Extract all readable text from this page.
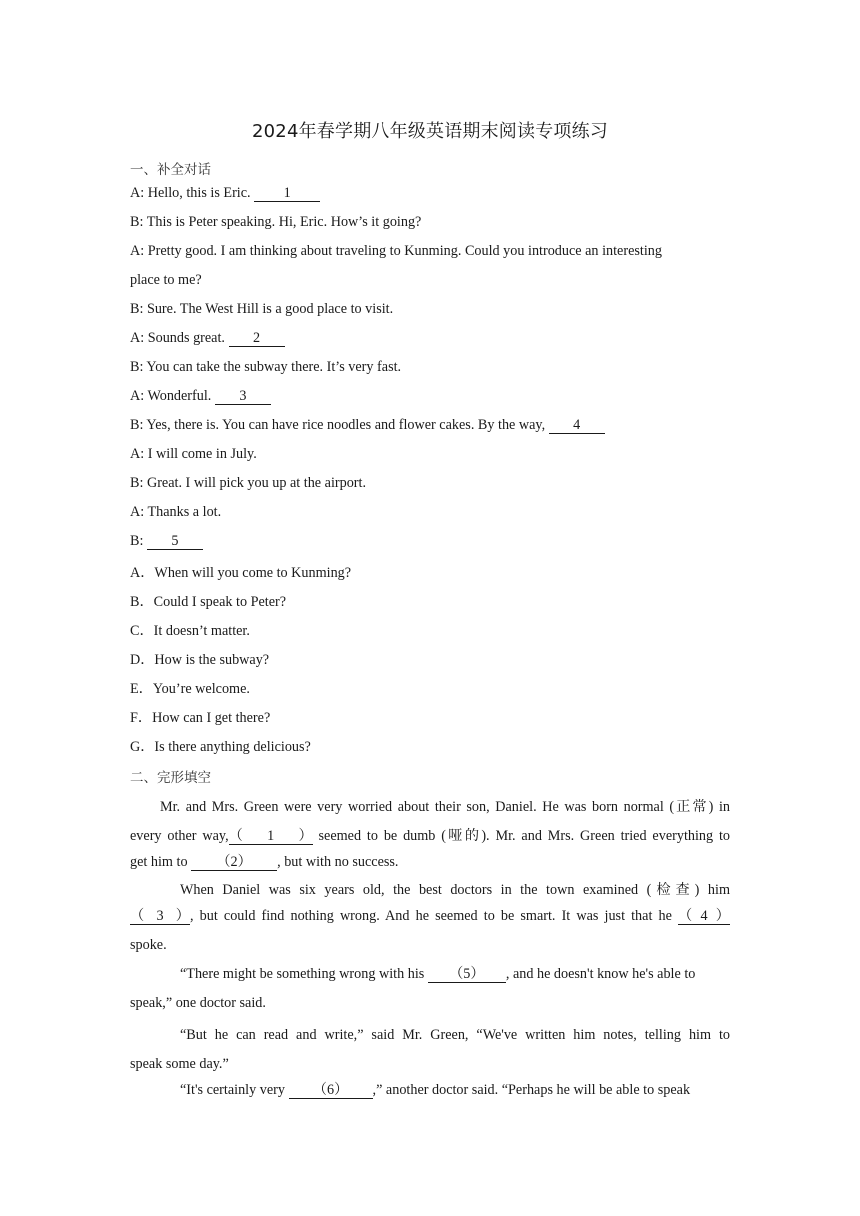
2024年春学期八年级英语期末阅读专项练习
一、补全对话
A: Hello, this is Eric. 1
B: This is Peter speaking. Hi, Eric. How’s it going?
A: Pretty good. I am thinking about traveling to Kunming. Could you introduce an interesting
place to me?
B: Sure. The West Hill is a good place to visit.
A: Sounds great. 2
B: You can take the subway there. It’s very fast.
A: Wonderful. 3
B: Yes, there is. You can have rice noodles and flower cakes. By the way, 4
A: I will come in July.
B: Great. I will pick you up at the airport.
A: Thanks a lot.
B: 5
A．When will you come to Kunming?
B．Could I speak to Peter?
C．It doesn’t matter.
D．How is the subway?
E．You’re welcome.
F．How can I get there?
G．Is there anything delicious?
二、完形填空
Mr. and Mrs. Green were very worried about their son, Daniel. He was born normal (正常) in
every other way,（1） seemed to be dumb (哑的). Mr. and Mrs. Green tried everything to
get him to （2） , but with no success.
When Daniel was six years old, the best doctors in the town examined (检查) him
（3）, but could find nothing wrong. And he seemed to be smart. It was just that he （4）
spoke.
“There might be something wrong with his （5） , and he doesn't know he's able to
speak,” one doctor said.
“But he can read and write,” said Mr. Green, “We've written him notes, telling him to
speak some day.”
“It's certainly very （6） ,” another doctor said. “Perhaps he will be able to speak
